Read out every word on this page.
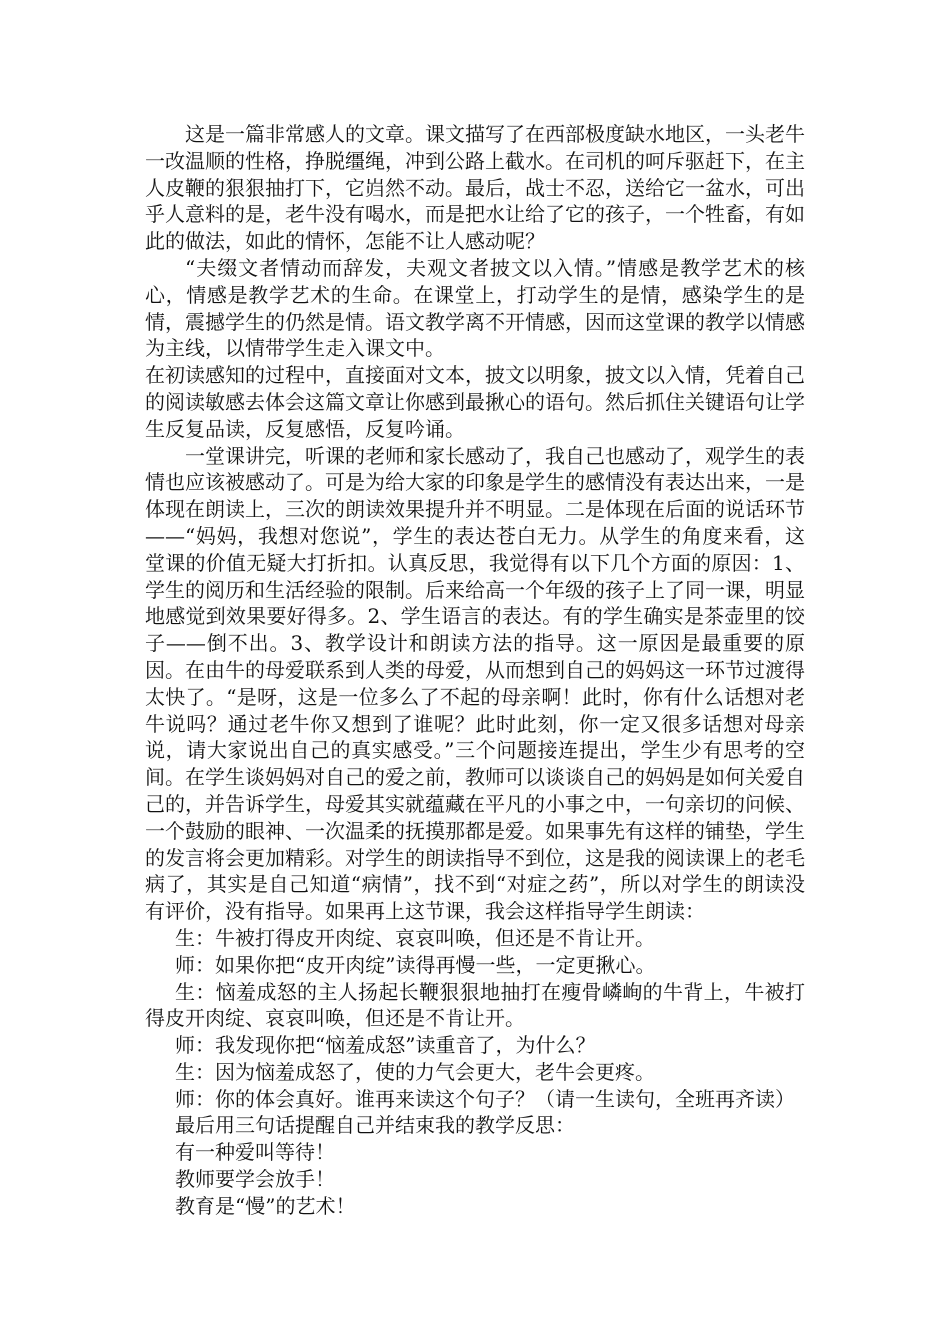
这是一篇非常感人的文章。课文描写了在西部极度缺水地区，一头老牛一改温顺的性格，挣脱缰绳，冲到公路上截水。在司机的呵斥驱赶下，在主人皮鞭的狠狠抽打下，它岿然不动。最后，战士不忍，送给它一盆水，可出乎人意料的是，老牛没有喝水，而是把水让给了它的孩子，一个牲畜，有如此的做法，如此的情怀，怎能不让人感动呢？

“夫缀文者情动而辞发，夫观文者披文以入情。”情感是教学艺术的核心，情感是教学艺术的生命。在课堂上，打动学生的是情，感染学生的是情，震撼学生的仍然是情。语文教学离不开情感，因而这堂课的教学以情感为主线，以情带学生走入课文中。

在初读感知的过程中，直接面对文本，披文以明象，披文以入情，凭着自己的阅读敏感去体会这篇文章让你感到最揪心的语句。然后抓住关键语句让学生反复品读，反复感悟，反复吟诵。

一堂课讲完，听课的老师和家长感动了，我自己也感动了，观学生的表情也应该被感动了。可是为给大家的印象是学生的感情没有表达出来，一是体现在朗读上，三次的朗读效果提升并不明显。二是体现在后面的说话环节——“妈妈，我想对您说”，学生的表达苍白无力。从学生的角度来看，这堂课的价值无疑大打折扣。认真反思，我觉得有以下几个方面的原因：1、学生的阅历和生活经验的限制。后来给高一个年级的孩子上了同一课，明显地感觉到效果要好得多。2、学生语言的表达。有的学生确实是茶壶里的饺子——倒不出。3、教学设计和朗读方法的指导。这一原因是最重要的原因。在由牛的母爱联系到人类的母爱，从而想到自己的妈妈这一环节过渡得太快了。“是呀，这是一位多么了不起的母亲啊！此时，你有什么话想对老牛说吗？通过老牛你又想到了谁呢？此时此刻，你一定又很多话想对母亲说，请大家说出自己的真实感受。”三个问题接连提出，学生少有思考的空间。在学生谈妈妈对自己的爱之前，教师可以谈谈自己的妈妈是如何关爱自己的，并告诉学生，母爱其实就蕴藏在平凡的小事之中，一句亲切的问候、一个鼓励的眼神、一次温柔的抚摸那都是爱。如果事先有这样的铺垫，学生的发言将会更加精彩。对学生的朗读指导不到位，这是我的阅读课上的老毛病了，其实是自己知道“病情”，找不到“对症之药”，所以对学生的朗读没有评价，没有指导。如果再上这节课，我会这样指导学生朗读：

生：牛被打得皮开肉绽、哀哀叫唤，但还是不肯让开。

师：如果你把“皮开肉绽”读得再慢一些，一定更揪心。

生：恼羞成怒的主人扬起长鞭狠狠地抽打在瘦骨嶙峋的牛背上，牛被打得皮开肉绽、哀哀叫唤，但还是不肯让开。

师：我发现你把“恼羞成怒”读重音了，为什么？

生：因为恼羞成怒了，使的力气会更大，老牛会更疼。

师：你的体会真好。谁再来读这个句子？（请一生读句，全班再齐读）

最后用三句话提醒自己并结束我的教学反思：

有一种爱叫等待！

教师要学会放手！

教育是“慢”的艺术！
